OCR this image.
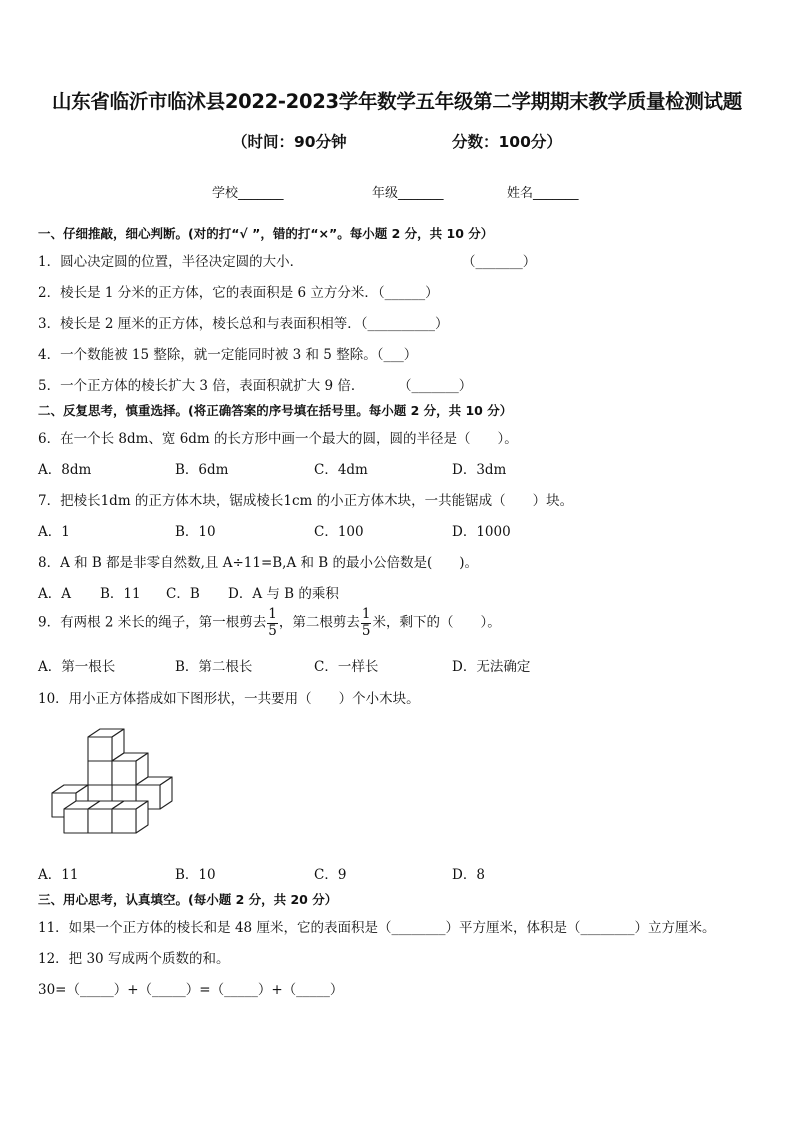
山东省临沂市临沭县2022-2023学年数学五年级第二学期期末教学质量检测试题
（时间：90分钟	分数：100分）
学校_______	年级_______	姓名_______
一、仔细推敲，细心判断。(对的打“√ ”，错的打“×”。每小题 2 分，共 10 分）
1．圆心决定圆的位置，半径决定圆的大小．	（_______）
2．棱长是 1 分米的正方体，它的表面积是 6 立方分米．（______）
3．棱长是 2 厘米的正方体，棱长总和与表面积相等．（__________）
4．一个数能被 15 整除，就一定能同时被 3 和 5 整除。（___）
5．一个正方体的棱长扩大 3 倍，表面积就扩大 9 倍． （_______）
二、反复思考，慎重选择。(将正确答案的序号填在括号里。每小题 2 分，共 10 分）
6．在一个长 8dm、宽 6dm 的长方形中画一个最大的圆，圆的半径是（　　）。
A．8dm	B．6dm	C．4dm	D．3dm
7．把棱长1dm 的正方体木块，锯成棱长1cm 的小正方体木块，一共能锯成（　　）块。
A．1	B．10	C．100	D．1000
8．A 和 B 都是非零自然数,且 A÷11=B,A 和 B 的最小公倍数是(　　)。
A．A B．11 C．B D．A 与 B 的乘积
9．有两根 2 米长的绳子，第一根剪去 $\frac{1}{5}$ ，第二根剪去 $\frac{1}{5}$ 米，剩下的（　　）。
A．第一根长	B．第二根长	C．一样长	D．无法确定
10．用小正方体搭成如下图形状，一共要用（　　）个小木块。
A．11	B．10	C．9	D．8
三、用心思考，认真填空。(每小题 2 分，共 20 分）
11．如果一个正方体的棱长和是 48 厘米，它的表面积是（________）平方厘米，体积是（________）立方厘米。
12．把 30 写成两个质数的和。
30=（_____）+（_____）=（_____）+（_____）
